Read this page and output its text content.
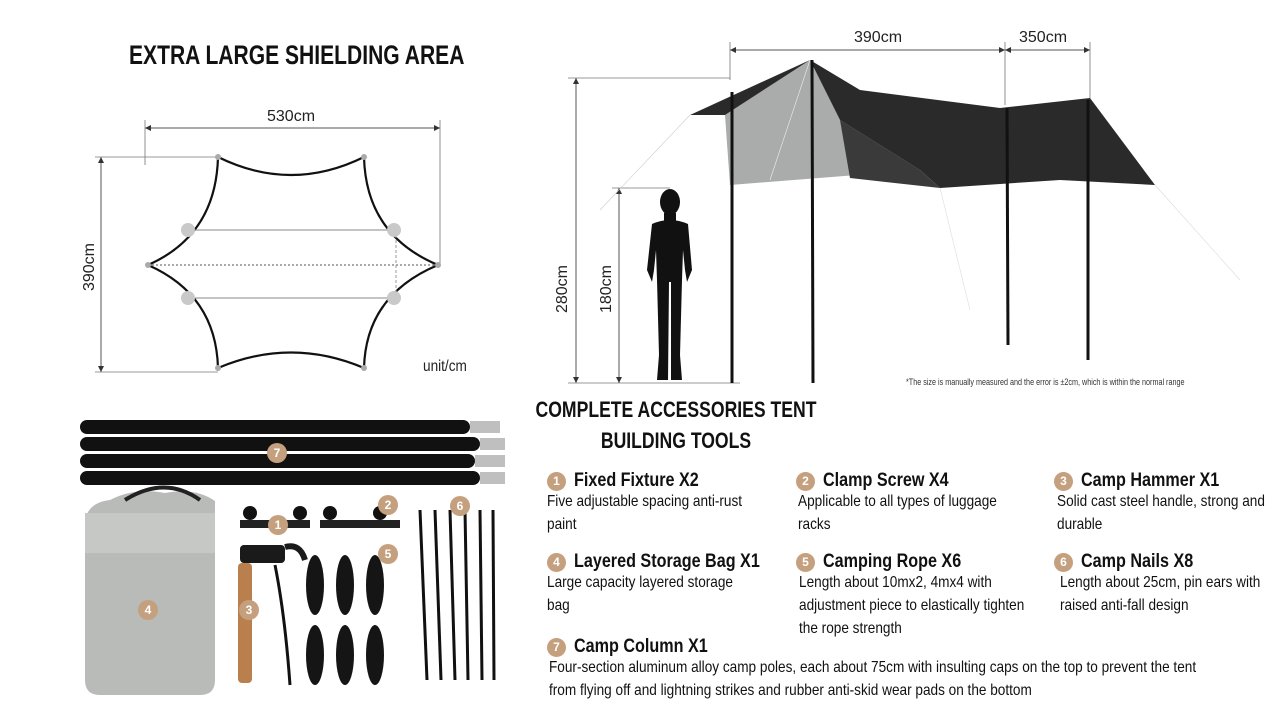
EXTRA LARGE SHIELDING AREA
530cm
390cm
unit/cm
390cm	350cm
280cm 180cm
*The size is manually measured and the error is ±2cm, which is within the normal range
7
4
1
2
3
5
6
COMPLETE ACCESSORIES TENT
BUILDING TOOLS
1 Fixed Fixture X2
Five adjustable spacing anti-rust paint
2 Clamp Screw X4
Applicable to all types of luggage racks
3 Camp Hammer X1
Solid cast steel handle, strong and durable
4 Layered Storage Bag X1
Large capacity layered storage bag
5 Camping Rope X6
Length about 10mx2, 4mx4 with adjustment piece to elastically tighten the rope strength
6 Camp Nails X8
Length about 25cm, pin ears with raised anti-fall design
7 Camp Column X1
Four-section aluminum alloy camp poles, each about 75cm with insulting caps on the top to prevent the tent from flying off and lightning strikes and rubber anti-skid wear pads on the bottom
